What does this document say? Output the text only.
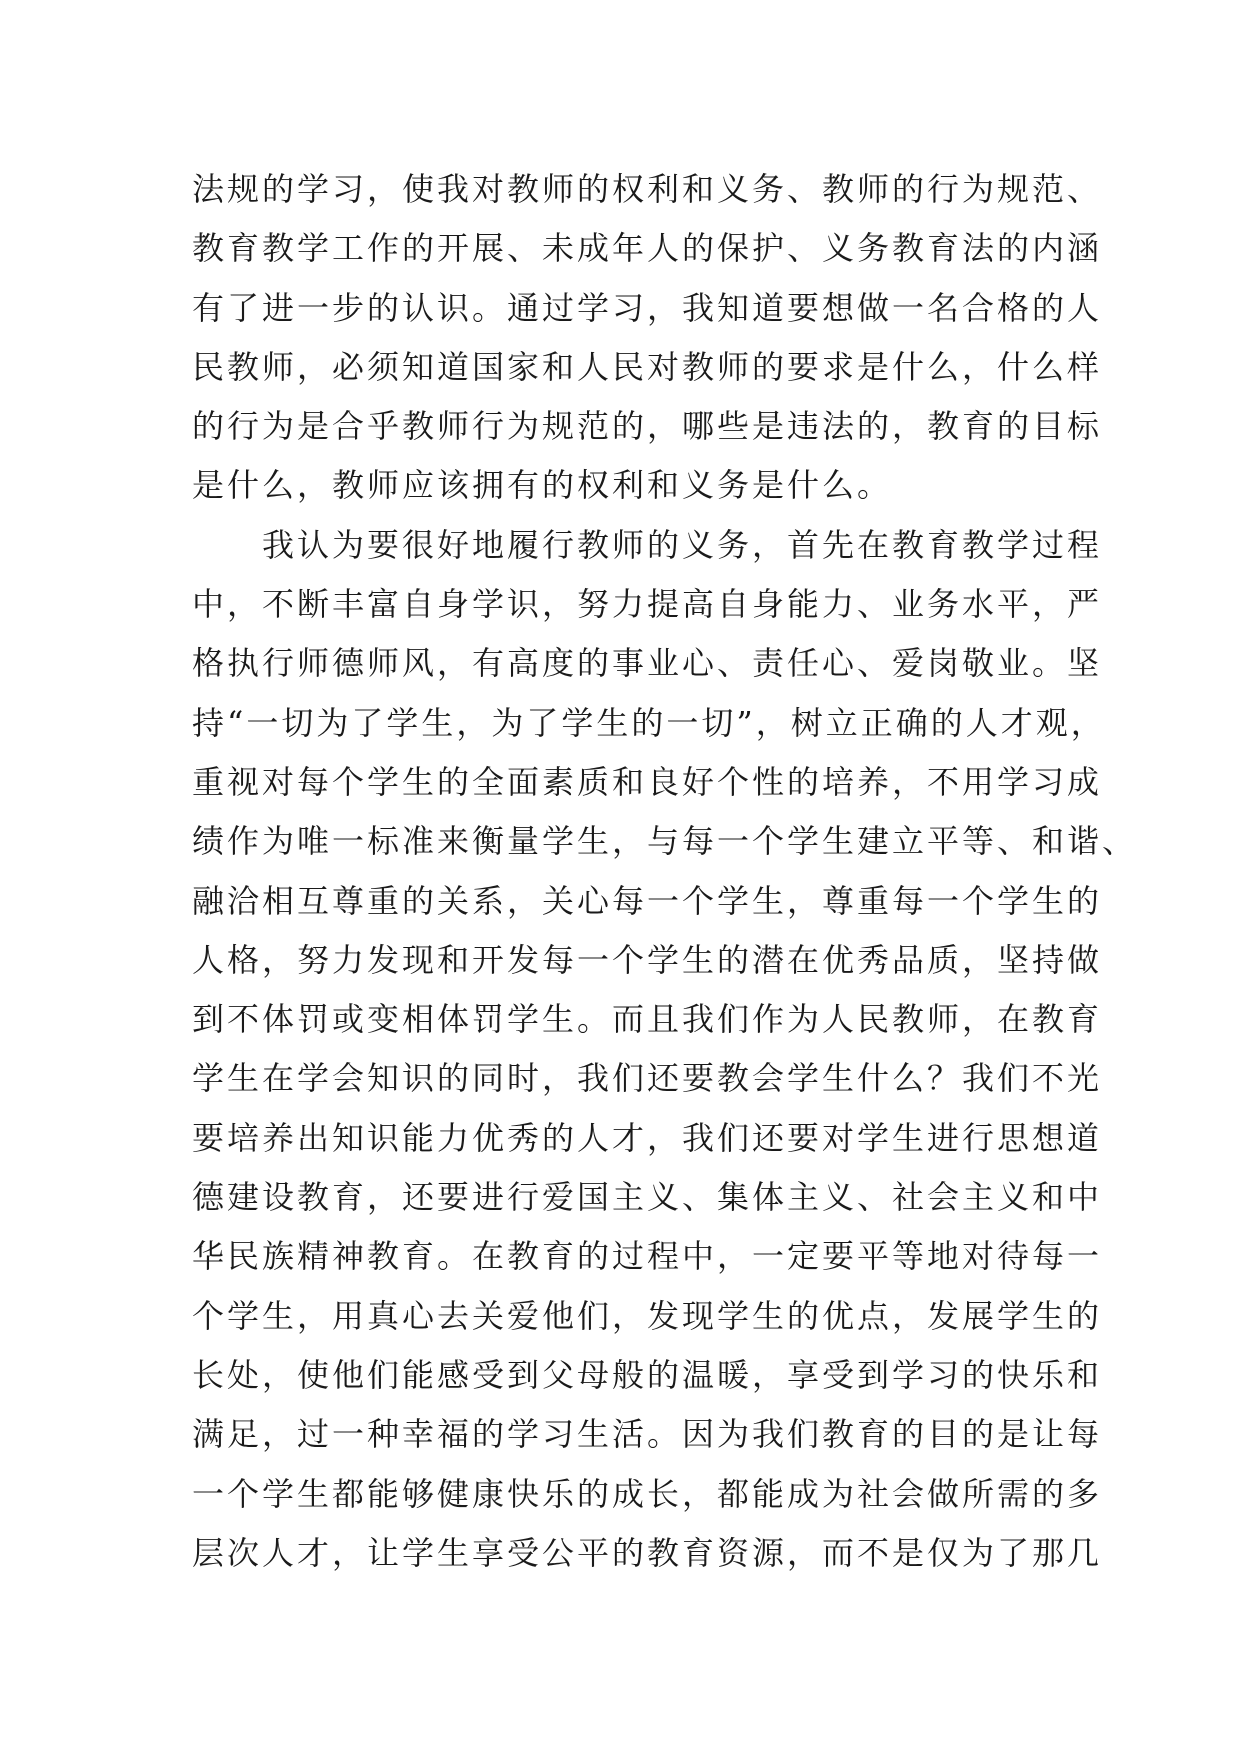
法规的学习，使我对教师的权利和义务、教师的行为规范、
教育教学工作的开展、未成年人的保护、义务教育法的内涵
有了进一步的认识。通过学习，我知道要想做一名合格的人
民教师，必须知道国家和人民对教师的要求是什么，什么样
的行为是合乎教师行为规范的，哪些是违法的，教育的目标
是什么，教师应该拥有的权利和义务是什么。
　　我认为要很好地履行教师的义务，首先在教育教学过程
中，不断丰富自身学识，努力提高自身能力、业务水平，严
格执行师德师风，有高度的事业心、责任心、爱岗敬业。坚
持“一切为了学生，为了学生的一切”，树立正确的人才观，
重视对每个学生的全面素质和良好个性的培养，不用学习成
绩作为唯一标准来衡量学生，与每一个学生建立平等、和谐、
融洽相互尊重的关系，关心每一个学生，尊重每一个学生的
人格，努力发现和开发每一个学生的潜在优秀品质，坚持做
到不体罚或变相体罚学生。而且我们作为人民教师，在教育
学生在学会知识的同时，我们还要教会学生什么？我们不光
要培养出知识能力优秀的人才，我们还要对学生进行思想道
德建设教育，还要进行爱国主义、集体主义、社会主义和中
华民族精神教育。在教育的过程中，一定要平等地对待每一
个学生，用真心去关爱他们，发现学生的优点，发展学生的
长处，使他们能感受到父母般的温暖，享受到学习的快乐和
满足，过一种幸福的学习生活。因为我们教育的目的是让每
一个学生都能够健康快乐的成长，都能成为社会做所需的多
层次人才，让学生享受公平的教育资源，而不是仅为了那几
